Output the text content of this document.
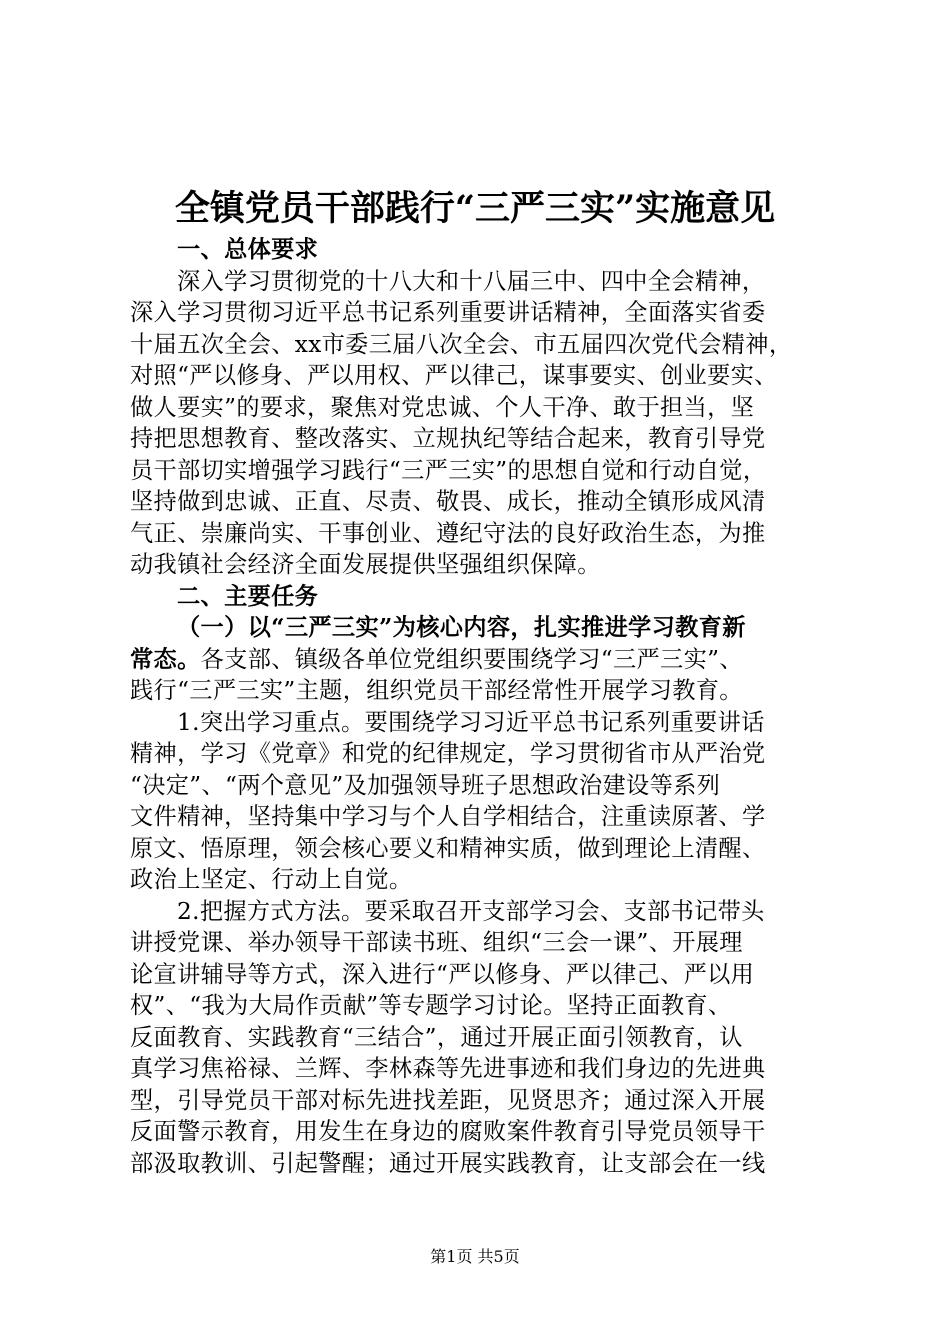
全镇党员干部践行“三严三实”实施意见
一、总体要求
深入学习贯彻党的十八大和十八届三中、四中全会精神，
深入学习贯彻习近平总书记系列重要讲话精神，全面落实省委
十届五次全会、xx市委三届八次全会、市五届四次党代会精神，
对照“严以修身、严以用权、严以律己，谋事要实、创业要实、
做人要实”的要求，聚焦对党忠诚、个人干净、敢于担当，坚
持把思想教育、整改落实、立规执纪等结合起来，教育引导党
员干部切实增强学习践行“三严三实”的思想自觉和行动自觉，
坚持做到忠诚、正直、尽责、敬畏、成长，推动全镇形成风清
气正、崇廉尚实、干事创业、遵纪守法的良好政治生态，为推
动我镇社会经济全面发展提供坚强组织保障。
二、主要任务
（一）以“三严三实”为核心内容，扎实推进学习教育新
常态。各支部、镇级各单位党组织要围绕学习“三严三实”、
践行“三严三实”主题，组织党员干部经常性开展学习教育。
1.突出学习重点。要围绕学习习近平总书记系列重要讲话
精神，学习《党章》和党的纪律规定，学习贯彻省市从严治党
“决定”、“两个意见”及加强领导班子思想政治建设等系列
文件精神，坚持集中学习与个人自学相结合，注重读原著、学
原文、悟原理，领会核心要义和精神实质，做到理论上清醒、
政治上坚定、行动上自觉。
2.把握方式方法。要采取召开支部学习会、支部书记带头
讲授党课、举办领导干部读书班、组织“三会一课”、开展理
论宣讲辅导等方式，深入进行“严以修身、严以律己、严以用
权”、“我为大局作贡献”等专题学习讨论。坚持正面教育、
反面教育、实践教育“三结合”，通过开展正面引领教育，认
真学习焦裕禄、兰辉、李林森等先进事迹和我们身边的先进典
型，引导党员干部对标先进找差距，见贤思齐；通过深入开展
反面警示教育，用发生在身边的腐败案件教育引导党员领导干
部汲取教训、引起警醒；通过开展实践教育，让支部会在一线
第1页 共5页
